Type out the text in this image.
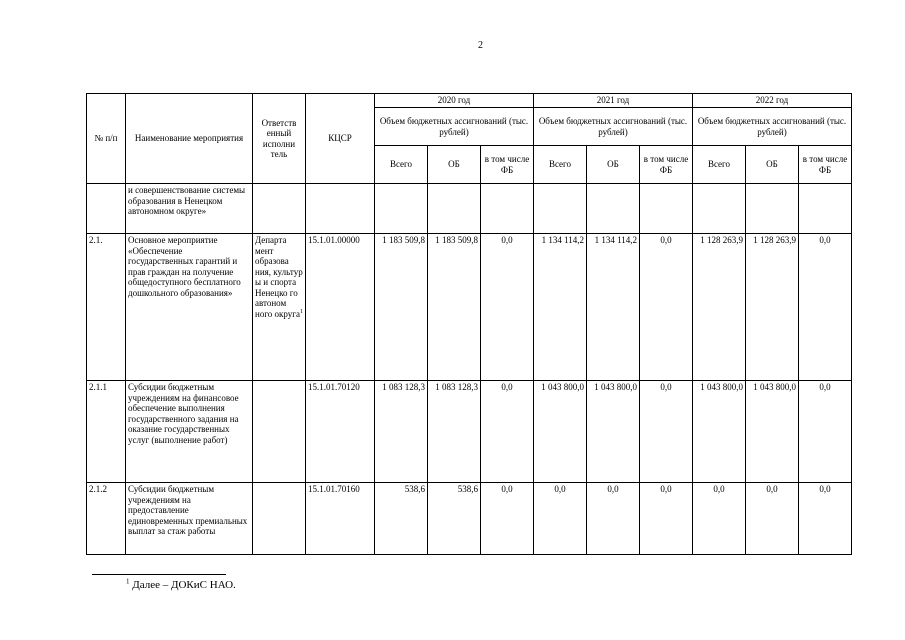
2
№ п/п	Наименование мероприятия	Ответств енный исполни тель	КЦСР	2020 год			2021 год			2022 год		
				Объем бюджетных ассигнований (тыс. рублей)			Объем бюджетных ассигнований (тыс. рублей)			Объем бюджетных ассигнований (тыс. рублей)		
				Всего	ОБ	в том числе ФБ	Всего	ОБ	в том числе ФБ	Всего	ОБ	в том числе ФБ
	и совершенствование системы образования в Ненецком автономном округе»											
2.1.	Основное мероприятие «Обеспечение государственных гарантий и прав граждан на получение общедоступного бесплатного дошкольного образования»	Департа мент образова ния, культур ы и спорта Ненецко го автоном ного округа$^1$	15.1.01.00000	1 183 509,8	1 183 509,8	0,0	1 134 114,2	1 134 114,2	0,0	1 128 263,9	1 128 263,9	0,0
2.1.1	Субсидии бюджетным учреждениям на финансовое обеспечение выполнения государственного задания на оказание государственных услуг (выполнение работ)		15.1.01.70120	1 083 128,3	1 083 128,3	0,0	1 043 800,0	1 043 800,0	0,0	1 043 800,0	1 043 800,0	0,0
2.1.2	Субсидии бюджетным учреждениям на предоставление единовременных премиальных выплат за стаж работы		15.1.01.70160	538,6	538,6	0,0	0,0	0,0	0,0	0,0	0,0	0,0
$^1$ Далее – ДОКиС НАО.
